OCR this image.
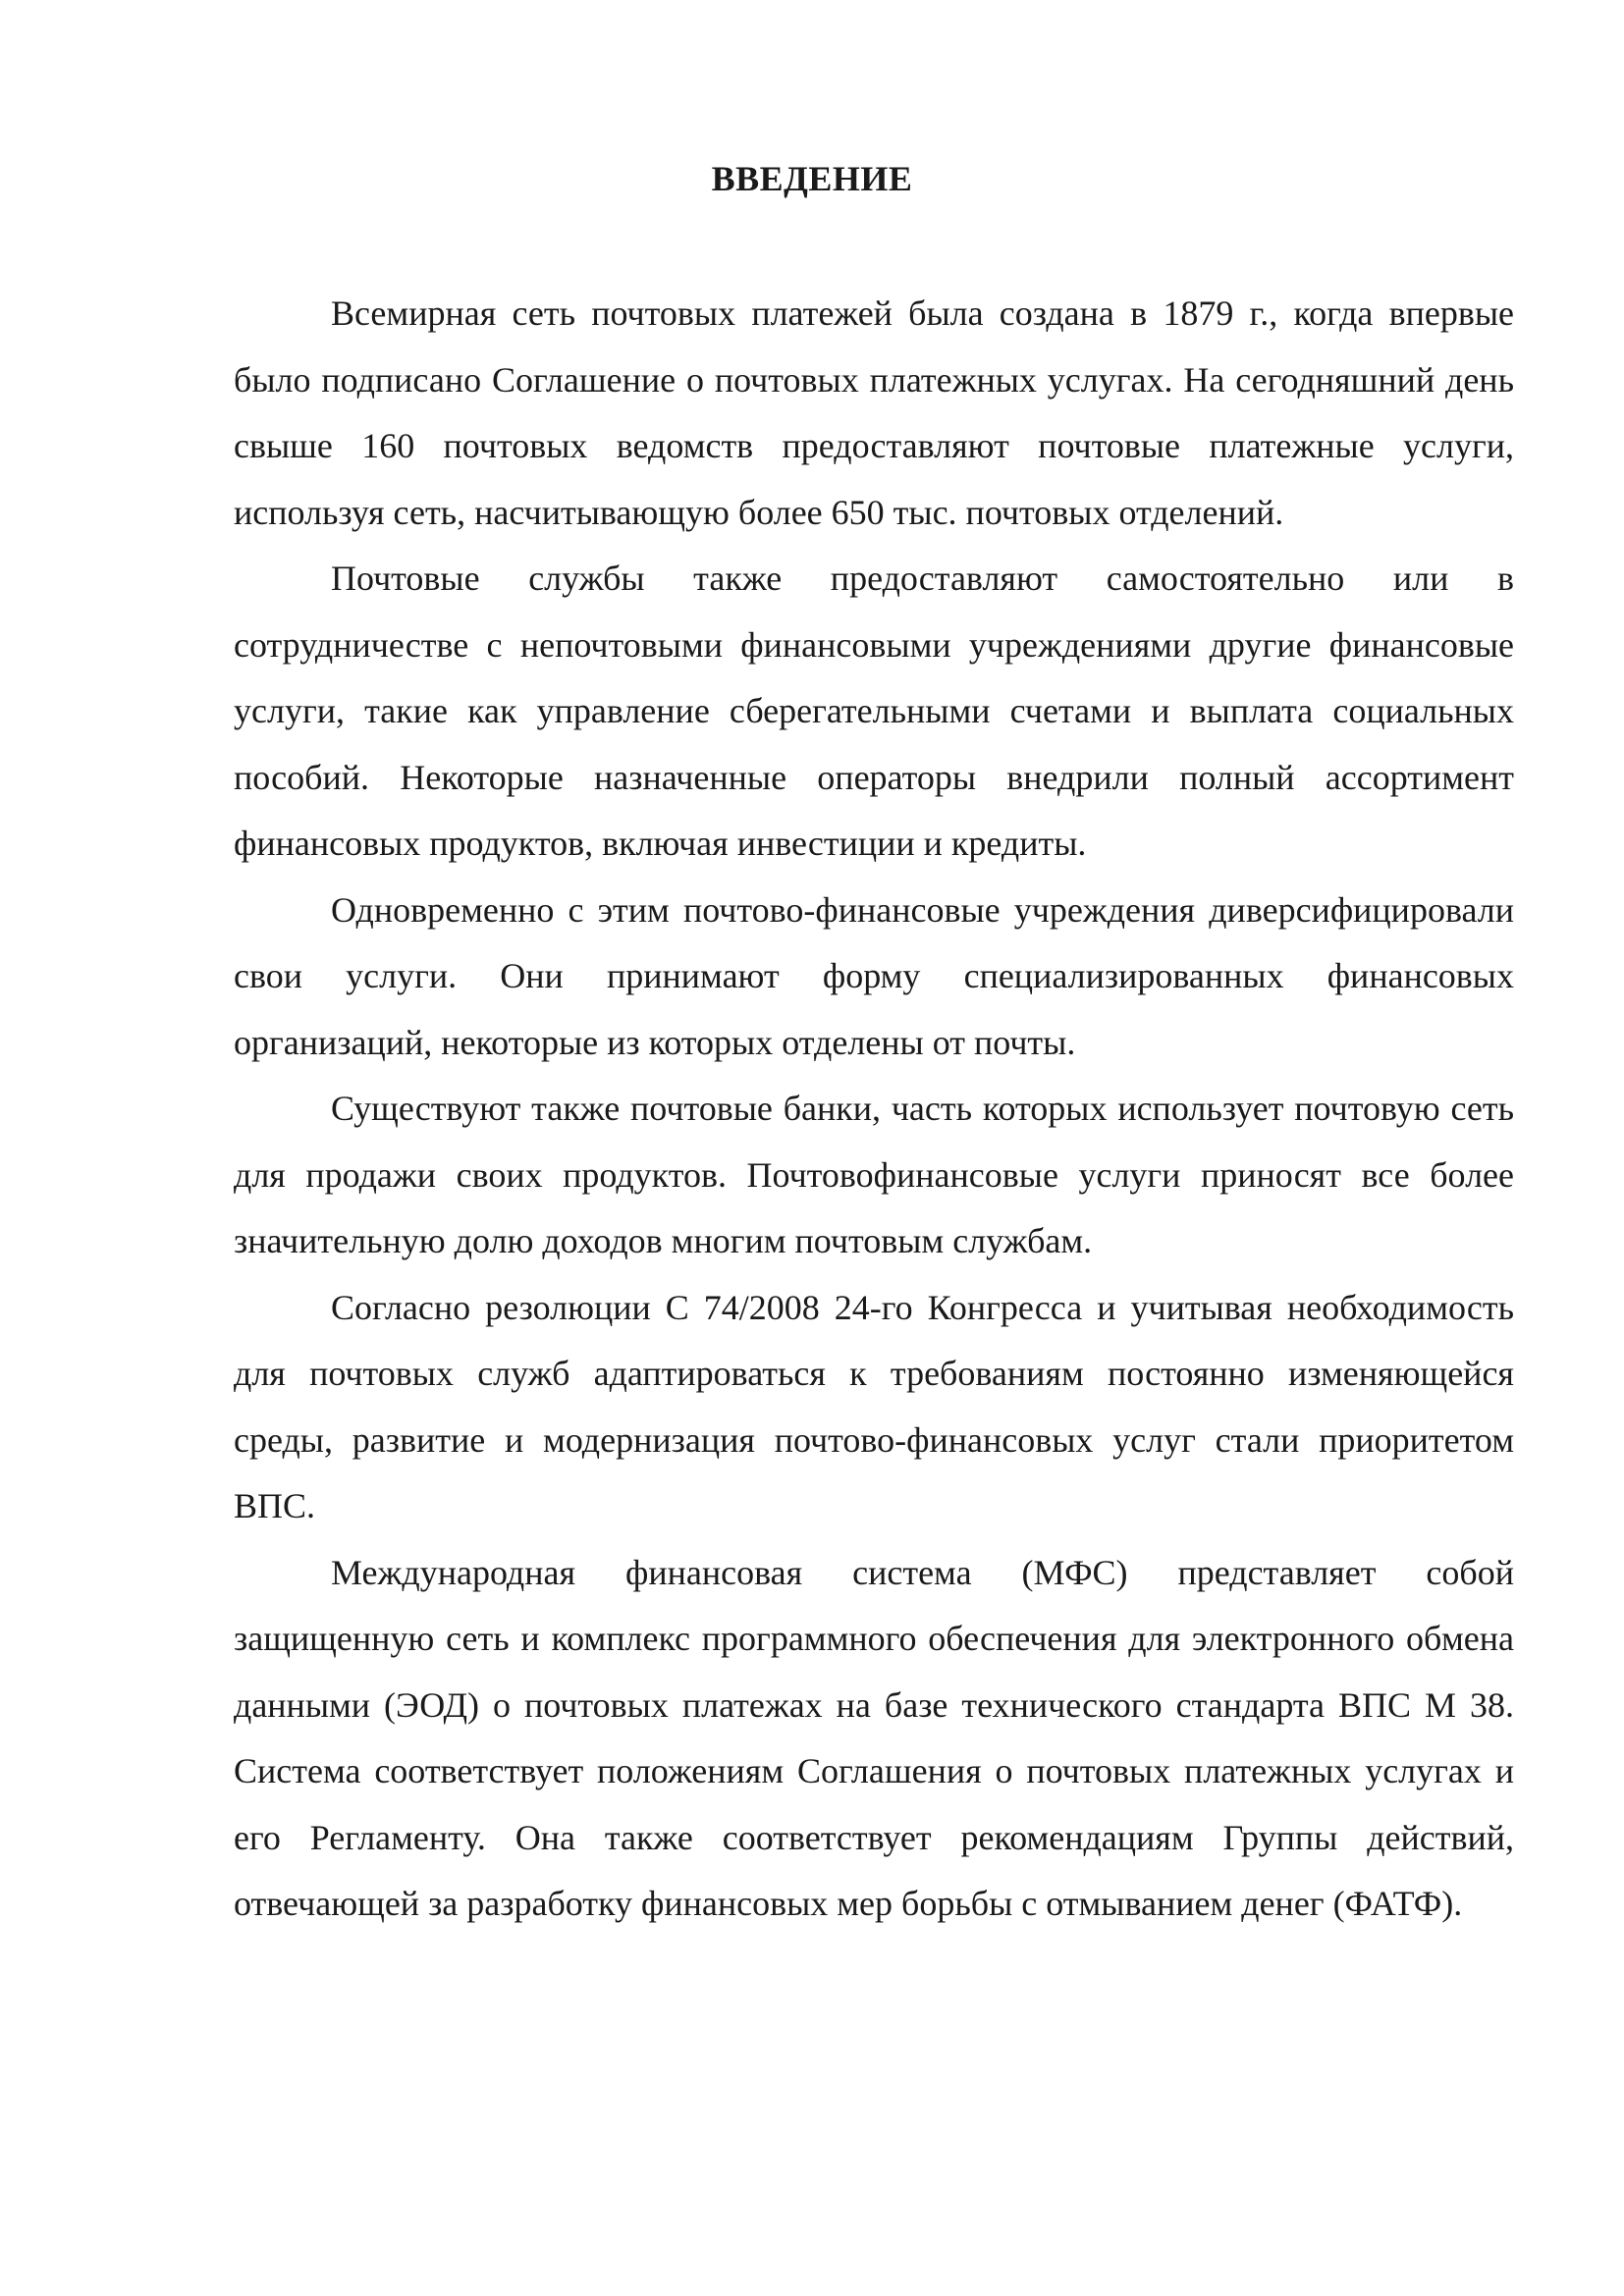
ВВЕДЕНИЕ

Всемирная сеть почтовых платежей была создана в 1879 г., когда впервые было подписано Соглашение о почтовых платежных услугах. На сегодняшний день свыше 160 почтовых ведомств предоставляют почтовые платежные услуги, используя сеть, насчитывающую более 650 тыс. почтовых отделений.

Почтовые службы также предоставляют самостоятельно или в сотрудничестве с непочтовыми финансовыми учреждениями другие финансовые услуги, такие как управление сберегательными счетами и выплата социальных пособий. Некоторые назначенные операторы внедрили полный ассортимент финансовых продуктов, включая инвестиции и кредиты.

Одновременно с этим почтово-финансовые учреждения диверсифицировали свои услуги. Они принимают форму специализированных финансовых организаций, некоторые из которых отделены от почты.

Существуют также почтовые банки, часть которых использует почтовую сеть для продажи своих продуктов. Почтовофинансовые услуги приносят все более значительную долю доходов многим почтовым службам.

Согласно резолюции С 74/2008 24-го Конгресса и учитывая необходимость для почтовых служб адаптироваться к требованиям постоянно изменяющейся среды, развитие и модернизация почтово-финансовых услуг стали приоритетом ВПС.

Международная финансовая система (МФС) представляет собой защищенную сеть и комплекс программного обеспечения для электронного обмена данными (ЭОД) о почтовых платежах на базе технического стандарта ВПС М 38. Система соответствует положениям Соглашения о почтовых платежных услугах и его Регламенту. Она также соответствует рекомендациям Группы действий, отвечающей за разработку финансовых мер борьбы с отмыванием денег (ФАТФ).
